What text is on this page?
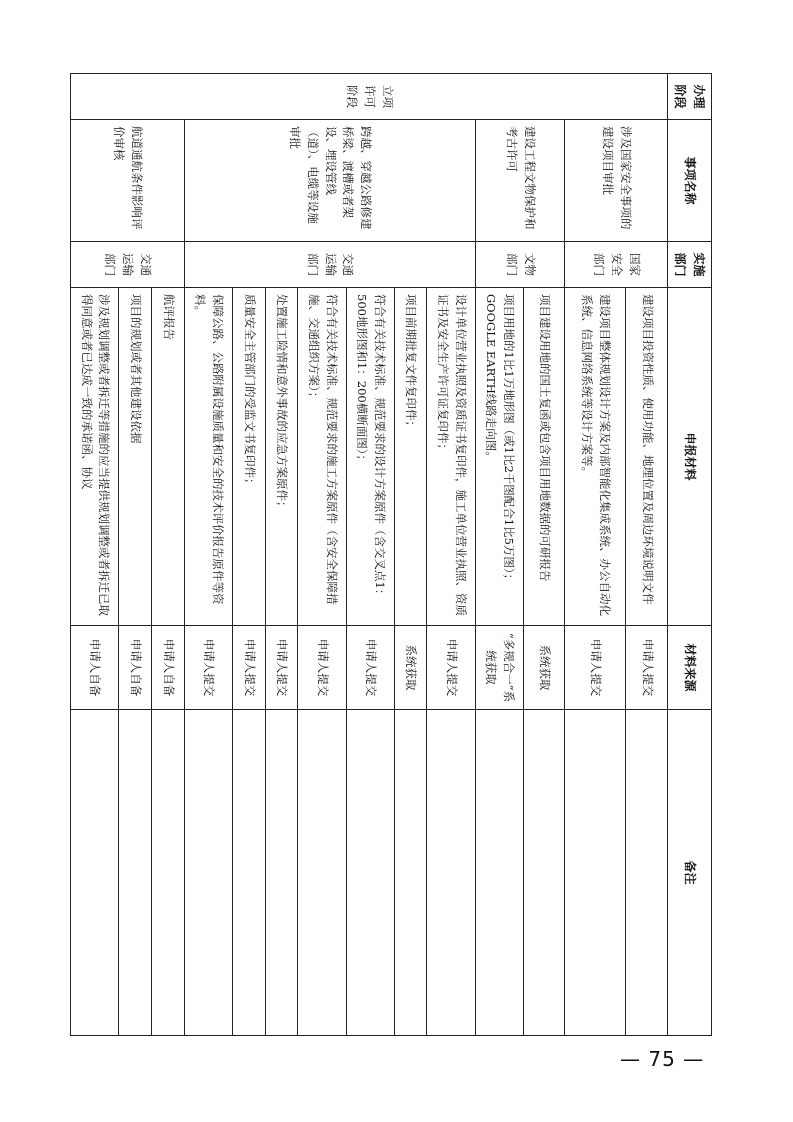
办理阶段	事项名称	实施部门	申报材料	材料来源	备注
立项许可阶段	涉及国家安全事项的建设项目审批	国家安全部门	建设项目投资性质、使用功能、地理位置及周边环境说明文件	申请人提交	
			建设项目整体规划设计方案及内部智能化集成系统、办公自动化系统、信息网络系统等设计方案等。	申请人提交	
	建设工程文物保护和考古许可	文物部门	项目建设用地的国土复函或包含项目用地数据的可研报告	系统获取	
			项目用地的1比1万地形图（或1比2千图配合1比5万图）；GOOGLE EARTH线路走向图。	“多规合一”系统获取	
	跨越、穿越公路修建桥梁、渡槽或者架设、埋设管线（道）、电缆等设施审批	交通运输部门	设计单位营业执照及资质证书复印件，施工单位营业执照、资质证书及安全生产许可证复印件；	申请人提交	
			项目前期批复文件复印件；	系统获取	
			符合有关技术标准、规范要求的设计方案原件（含交叉点1：500地形图和1：200横断面图）；	申请人提交	
			符合有关技术标准、规范要求的施工方案原件（含安全保障措施、交通组织方案）；	申请人提交	
			处置施工险情和意外事故的应急方案原件；	申请人提交	
			质量安全主管部门的受监文书复印件；	申请人提交	
			保障公路、公路附属设施质量和安全的技术评价报告原件等资料。	申请人提交	
	航道通航条件影响评价审核	交通运输部门	航评报告	申请人自备	
			项目的规划或者其他建设依据	申请人自备	
			涉及规划调整或者拆迁等措施的应当提供规划调整或者拆迁已取得同意或者已达成一致的承诺函、协议	申请人自备	
— 75 —
